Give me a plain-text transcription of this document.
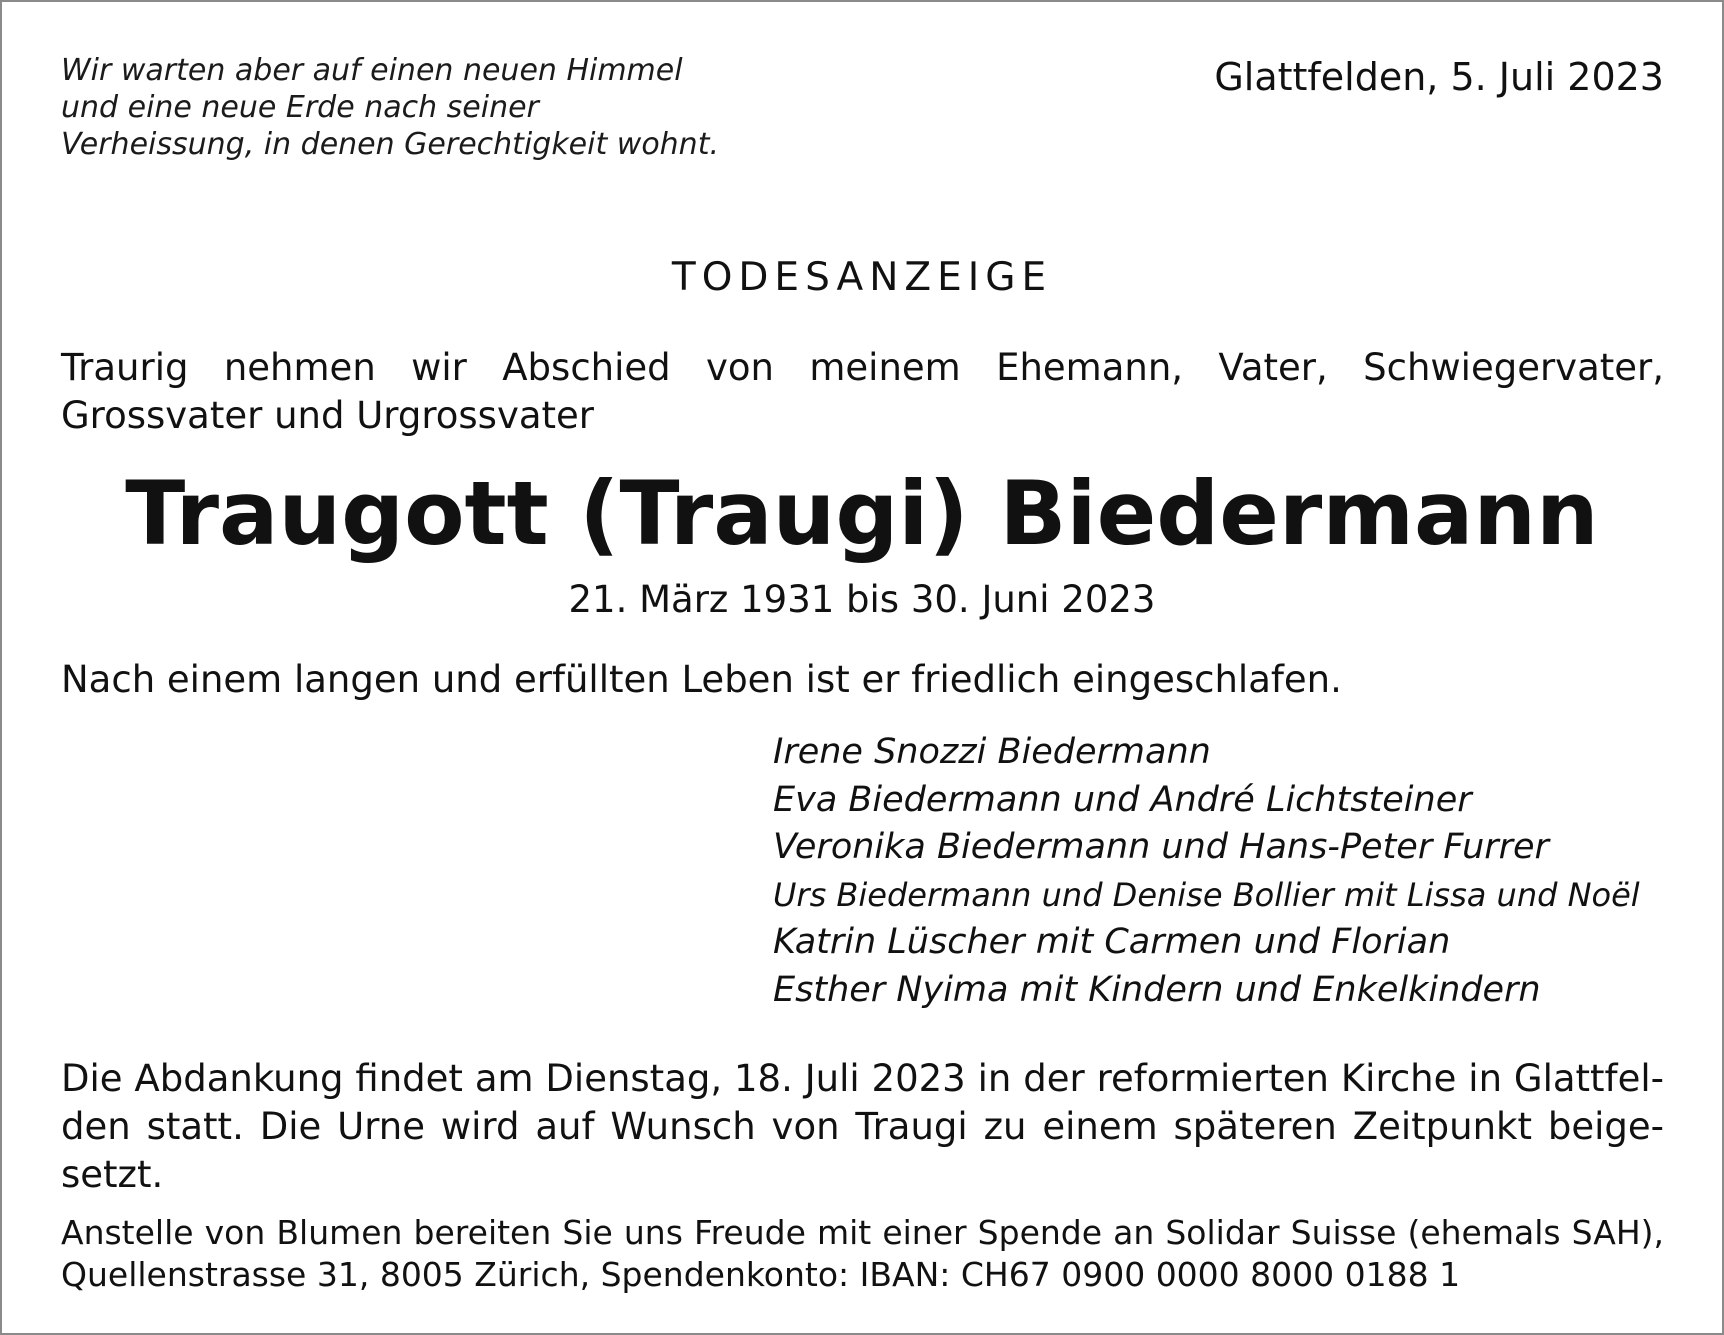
Wir warten aber auf einen neuen Himmel
und eine neue Erde nach seiner
Verheissung, in denen Gerechtigkeit wohnt.
Glattfelden, 5. Juli 2023
TODESANZEIGE
Traurig nehmen wir Abschied von meinem Ehemann, Vater, Schwiegervater, Grossvater und Urgrossvater
Traugott (Traugi) Biedermann
21. März 1931 bis 30. Juni 2023
Nach einem langen und erfüllten Leben ist er friedlich eingeschlafen.
Irene Snozzi Biedermann
Eva Biedermann und André Lichtsteiner
Veronika Biedermann und Hans-Peter Furrer
Urs Biedermann und Denise Bollier mit Lissa und Noël
Katrin Lüscher mit Carmen und Florian
Esther Nyima mit Kindern und Enkelkindern
Die Abdankung findet am Dienstag, 18. Juli 2023 in der reformierten Kirche in Glattfelden statt. Die Urne wird auf Wunsch von Traugi zu einem späteren Zeitpunkt beigesetzt.
Anstelle von Blumen bereiten Sie uns Freude mit einer Spende an Solidar Suisse (ehemals SAH), Quellenstrasse 31, 8005 Zürich, Spendenkonto: IBAN: CH67 0900 0000 8000 0188 1
